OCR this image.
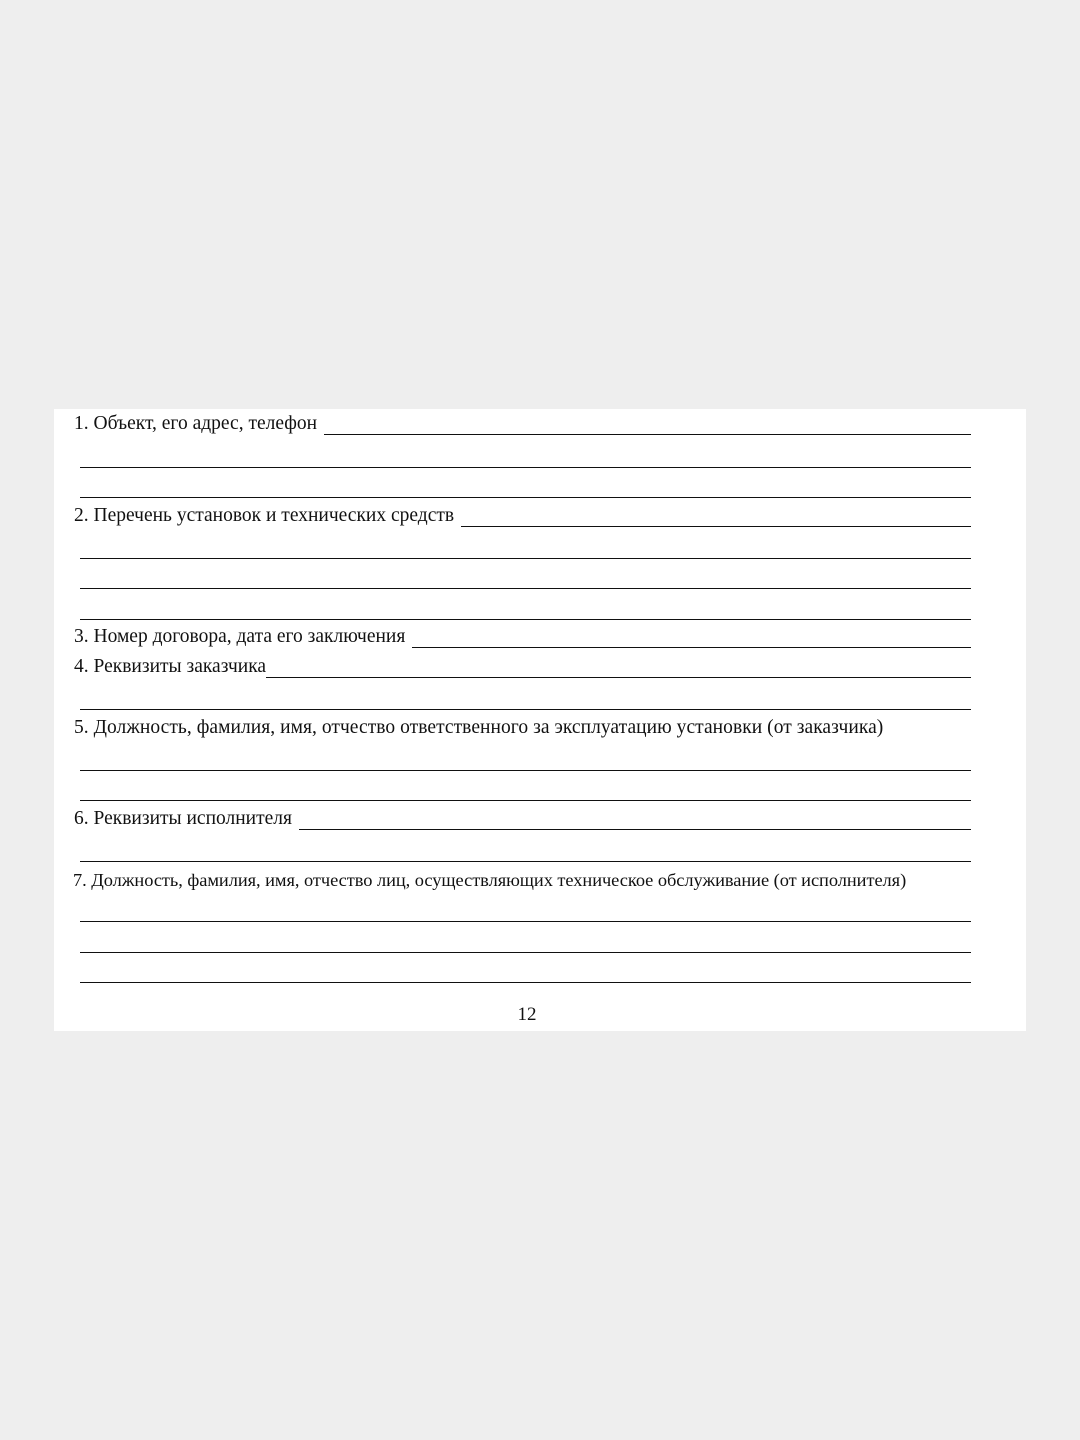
1. Объект, его адрес, телефон
2. Перечень установок и технических средств
3. Номер договора, дата его заключения
4. Реквизиты заказчика
5. Должность, фамилия, имя, отчество ответственного за эксплуатацию установки (от заказчика)
6. Реквизиты исполнителя
7. Должность, фамилия, имя, отчество лиц, осуществляющих техническое обслуживание (от исполнителя)
12
